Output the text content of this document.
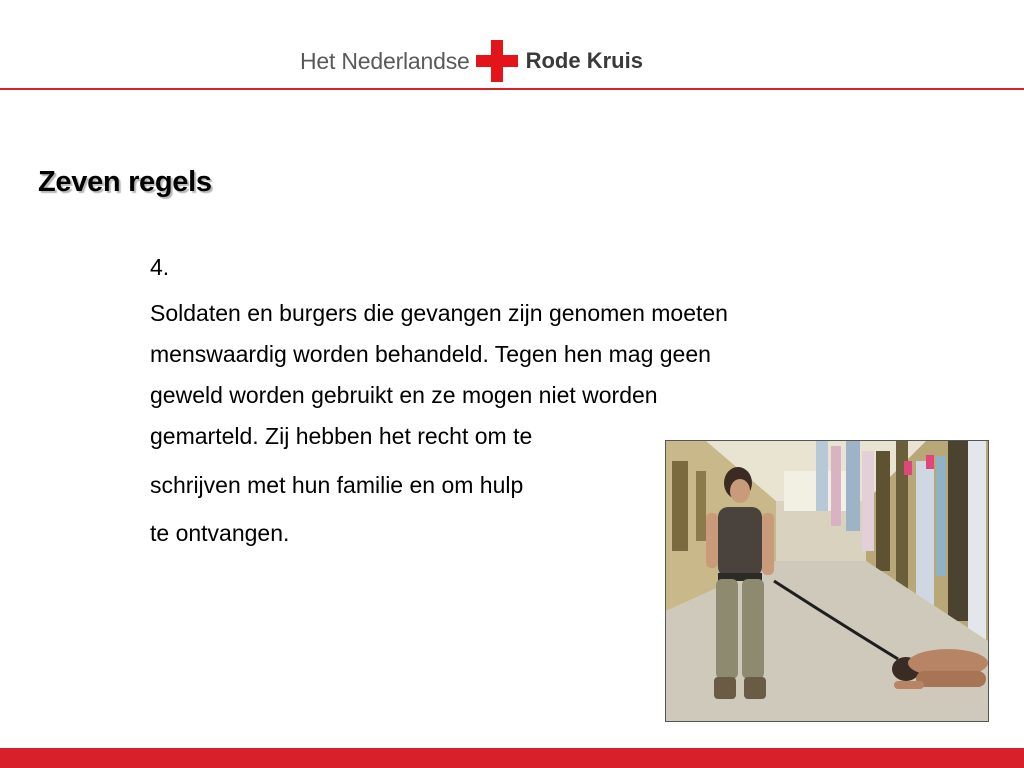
Het Nederlandse	Rode Kruis
Zeven regels
4.
Soldaten en burgers die gevangen zijn genomen moeten
menswaardig worden behandeld. Tegen hen mag geen
geweld worden gebruikt en ze mogen niet worden
gemarteld. Zij hebben het recht om te
schrijven met hun familie en om hulp
te ontvangen.
